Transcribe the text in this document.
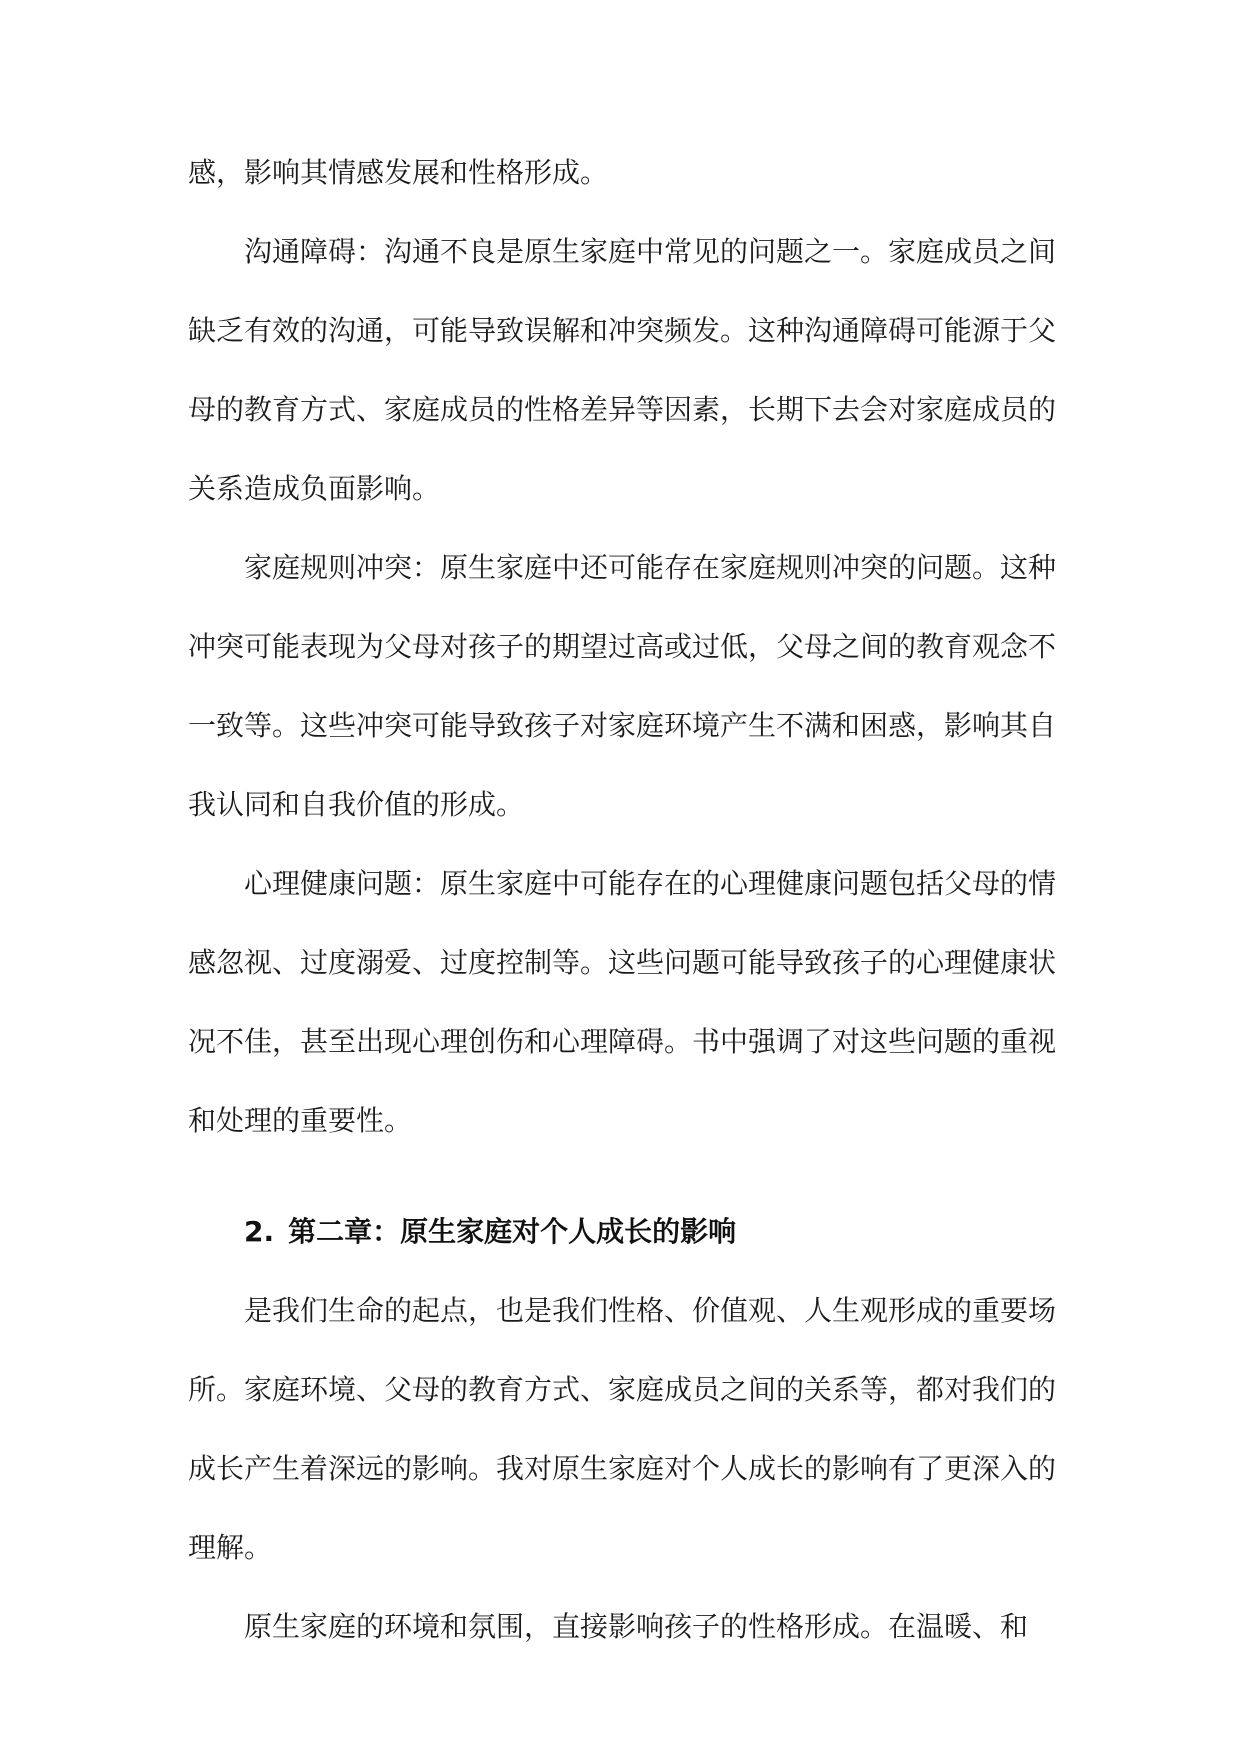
感，影响其情感发展和性格形成。

沟通障碍：沟通不良是原生家庭中常见的问题之一。家庭成员之间缺乏有效的沟通，可能导致误解和冲突频发。这种沟通障碍可能源于父母的教育方式、家庭成员的性格差异等因素，长期下去会对家庭成员的关系造成负面影响。

家庭规则冲突：原生家庭中还可能存在家庭规则冲突的问题。这种冲突可能表现为父母对孩子的期望过高或过低，父母之间的教育观念不一致等。这些冲突可能导致孩子对家庭环境产生不满和困惑，影响其自我认同和自我价值的形成。

心理健康问题：原生家庭中可能存在的心理健康问题包括父母的情感忽视、过度溺爱、过度控制等。这些问题可能导致孩子的心理健康状况不佳，甚至出现心理创伤和心理障碍。书中强调了对这些问题的重视和处理的重要性。

2. 第二章：原生家庭对个人成长的影响

是我们生命的起点，也是我们性格、价值观、人生观形成的重要场所。家庭环境、父母的教育方式、家庭成员之间的关系等，都对我们的成长产生着深远的影响。我对原生家庭对个人成长的影响有了更深入的理解。

原生家庭的环境和氛围，直接影响孩子的性格形成。在温暖、和
